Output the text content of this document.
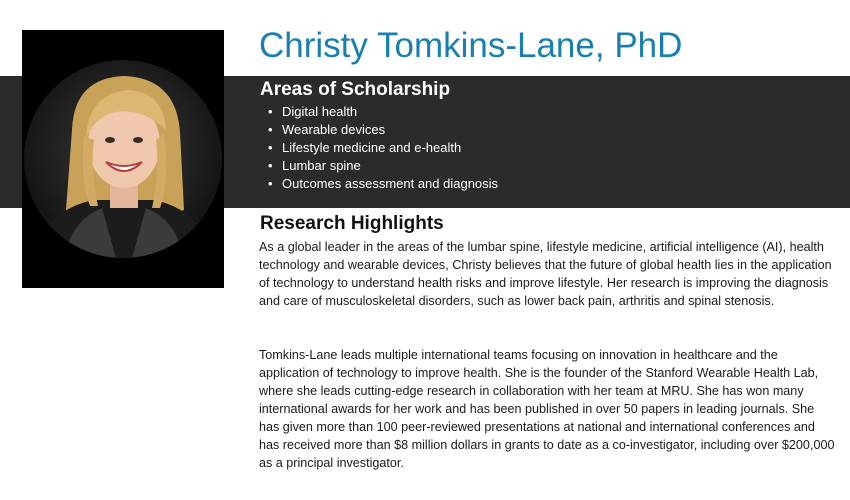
Christy Tomkins-Lane, PhD
Areas of Scholarship
• Digital health
• Wearable devices
• Lifestyle medicine and e-health
• Lumbar spine
• Outcomes assessment and diagnosis
Research Highlights

As a global leader in the areas of the lumbar spine, lifestyle medicine, artificial intelligence (AI), health technology and wearable devices, Christy believes that the future of global health lies in the application of technology to understand health risks and improve lifestyle. Her research is improving the diagnosis and care of musculoskeletal disorders, such as lower back pain, arthritis and spinal stenosis.

Tomkins-Lane leads multiple international teams focusing on innovation in healthcare and the application of technology to improve health. She is the founder of the Stanford Wearable Health Lab, where she leads cutting-edge research in collaboration with her team at MRU. She has won many international awards for her work and has been published in over 50 papers in leading journals. She has given more than 100 peer-reviewed presentations at national and international conferences and has received more than $8 million dollars in grants to date as a co-investigator, including over $200,000 as a principal investigator.
